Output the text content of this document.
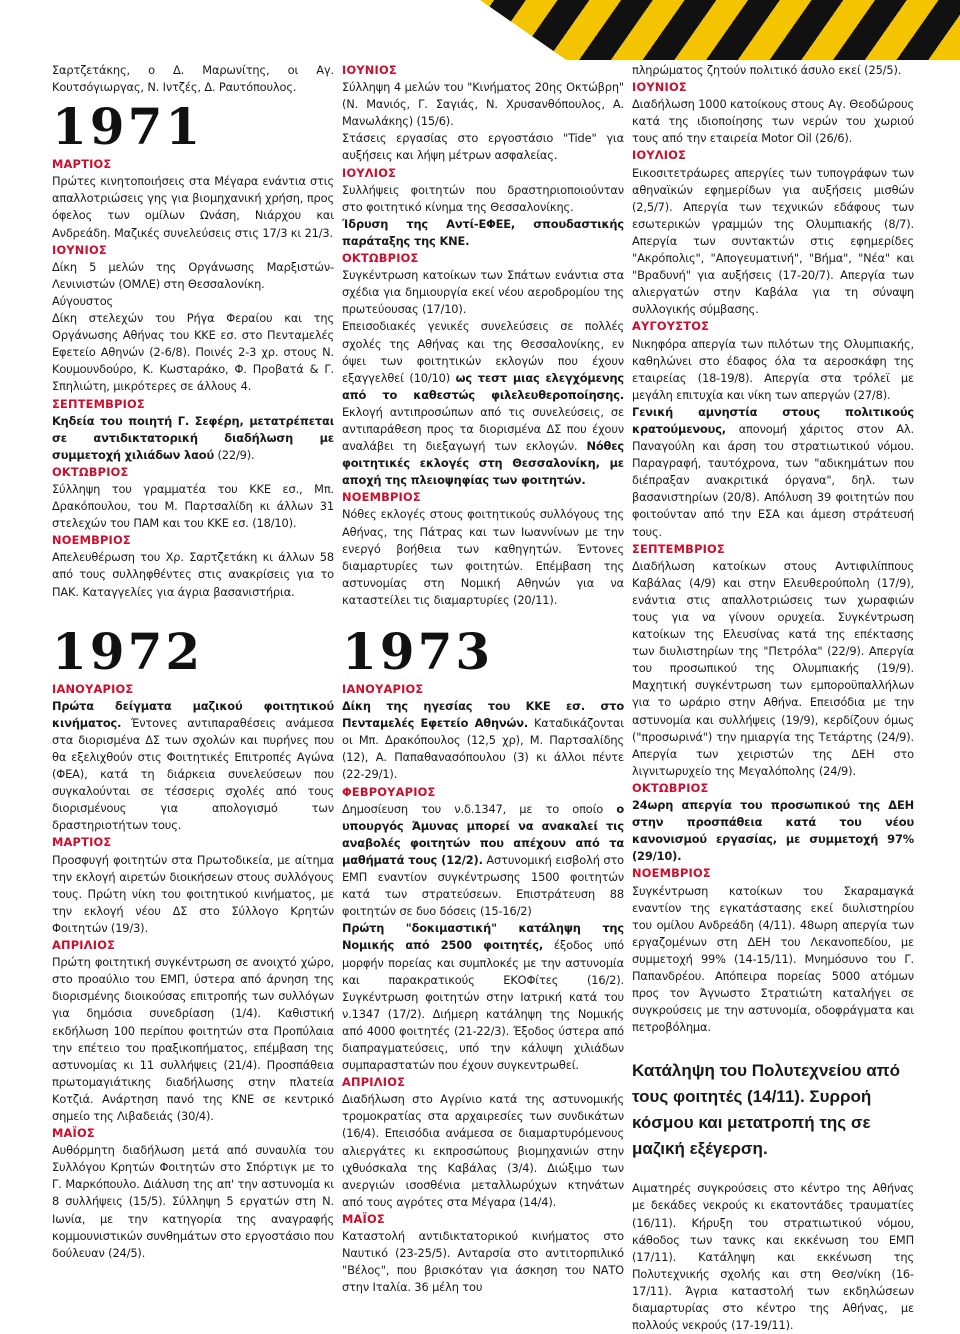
Σαρτζετάκης, ο Δ. Μαρωνίτης, οι Αγ. Κουτσόγιωργας, Ν. Ιντζές, Δ. Ραυτόπουλος.

1971

ΜΑΡΤΙΟΣ

Πρώτες κινητοποιήσεις στα Μέγαρα ενάντια στις απαλλοτριώσεις γης για βιομηχανική χρήση, προς όφελος των ομίλων Ωνάση, Νιάρχου και Ανδρεάδη. Μαζικές συνελεύσεις στις 17/3 κι 21/3.

ΙΟΥΝΙΟΣ

Δίκη 5 μελών της Οργάνωσης Μαρξιστών-Λενινιστών (ΟΜΛΕ) στη Θεσσαλονίκη.

Αύγουστος

Δίκη στελεχών του Ρήγα Φεραίου και της Οργάνωσης Αθήνας του ΚΚΕ εσ. στο Πενταμελές Εφετείο Αθηνών (2-6/8). Ποινές 2-3 χρ. στους Ν. Κουμουνδούρο, Κ. Κωσταράκο, Φ. Προβατά & Γ. Σπηλιώτη, μικρότερες σε άλλους 4.

ΣΕΠΤΕΜΒΡΙΟΣ

Κηδεία του ποιητή Γ. Σεφέρη, μετατρέπεται σε αντιδικτατορική διαδήλωση με συμμετοχή χιλιάδων λαού (22/9).

ΟΚΤΩΒΡΙΟΣ

Σύλληψη του γραμματέα του ΚΚΕ εσ., Μπ. Δρακόπουλου, του Μ. Παρτσαλίδη κι άλλων 31 στελεχών του ΠΑΜ και του ΚΚΕ εσ. (18/10).

ΝΟΕΜΒΡΙΟΣ

Απελευθέρωση του Χρ. Σαρτζετάκη κι άλλων 58 από τους συλληφθέντες στις ανακρίσεις για το ΠΑΚ. Καταγγελίες για άγρια βασανιστήρια.

1972

ΙΑΝΟΥΑΡΙΟΣ

Πρώτα δείγματα μαζικού φοιτητικού κινήματος. Έντονες αντιπαραθέσεις ανάμεσα στα διορισμένα ΔΣ των σχολών και πυρήνες που θα εξελιχθούν στις Φοιτητικές Επιτροπές Αγώνα (ΦΕΑ), κατά τη διάρκεια συνελεύσεων που συγκαλούνται σε τέσσερις σχολές από τους διορισμένους για απολογισμό των δραστηριοτήτων τους.

ΜΑΡΤΙΟΣ

Προσφυγή φοιτητών στα Πρωτοδικεία, με αίτημα την εκλογή αιρετών διοικήσεων στους συλλόγους τους. Πρώτη νίκη του φοιτητικού κινήματος, με την εκλογή νέου ΔΣ στο Σύλλογο Κρητών Φοιτητών (19/3).

ΑΠΡΙΛΙΟΣ

Πρώτη φοιτητική συγκέντρωση σε ανοιχτό χώρο, στο προαύλιο του ΕΜΠ, ύστερα από άρνηση της διορισμένης διοικούσας επιτροπής των συλλόγων για δημόσια συνεδρίαση (1/4). Καθιστική εκδήλωση 100 περίπου φοιτητών στα Προπύλαια την επέτειο του πραξικοπήματος, επέμβαση της αστυνομίας κι 11 συλλήψεις (21/4). Προσπάθεια πρωτομαγιάτικης διαδήλωσης στην πλατεία Κοτζιά. Ανάρτηση πανό της ΚΝΕ σε κεντρικό σημείο της Λιβαδειάς (30/4).

ΜΑΪΟΣ

Αυθόρμητη διαδήλωση μετά από συναυλία του Συλλόγου Κρητών Φοιτητών στο Σπόρτιγκ με το Γ. Μαρκόπουλο. Διάλυση της απ' την αστυνομία κι 8 συλλήψεις (15/5). Σύλληψη 5 εργατών στη Ν. Ιωνία, με την κατηγορία της αναγραφής κομμουνιστικών συνθημάτων στο εργοστάσιο που δούλευαν (24/5).

ΙΟΥΝΙΟΣ

Σύλληψη 4 μελών του "Κινήματος 20ης Οκτώβρη" (Ν. Μανιός, Γ. Σαγιάς, Ν. Χρυσανθόπουλος, Α. Μανωλάκης) (15/6).

Στάσεις εργασίας στο εργοστάσιο "Tide" για αυξήσεις και λήψη μέτρων ασφαλείας.

ΙΟΥΛΙΟΣ

Συλλήψεις φοιτητών που δραστηριοποιούνταν στο φοιτητικό κίνημα της Θεσσαλονίκης.

Ίδρυση της Αντί-ΕΦΕΕ, σπουδαστικής παράταξης της ΚΝΕ.

ΟΚΤΩΒΡΙΟΣ

Συγκέντρωση κατοίκων των Σπάτων ενάντια στα σχέδια για δημιουργία εκεί νέου αεροδρομίου της πρωτεύουσας (17/10).

Επεισοδιακές γενικές συνελεύσεις σε πολλές σχολές της Αθήνας και της Θεσσαλονίκης, εν όψει των φοιτητικών εκλογών που έχουν εξαγγελθεί (10/10) ως τεστ μιας ελεγχόμενης από το καθεστώς φιλελευθεροποίησης. Εκλογή αντιπροσώπων από τις συνελεύσεις, σε αντιπαράθεση προς τα διορισμένα ΔΣ που έχουν αναλάβει τη διεξαγωγή των εκλογών. Νόθες φοιτητικές εκλογές στη Θεσσαλονίκη, με αποχή της πλειοψηφίας των φοιτητών.

ΝΟΕΜΒΡΙΟΣ

Νόθες εκλογές στους φοιτητικούς συλλόγους της Αθήνας, της Πάτρας και των Ιωαννίνων με την ενεργό βοήθεια των καθηγητών. Έντονες διαμαρτυρίες των φοιτητών. Επέμβαση της αστυνομίας στη Νομική Αθηνών για να καταστείλει τις διαμαρτυρίες (20/11).

1973

ΙΑΝΟΥΑΡΙΟΣ

Δίκη της ηγεσίας του ΚΚΕ εσ. στο Πενταμελές Εφετείο Αθηνών. Καταδικάζονται οι Μπ. Δρακόπουλος (12,5 χρ), Μ. Παρτσαλίδης (12), Α. Παπαθανασόπουλου (3) κι άλλοι πέντε (22-29/1).

ΦΕΒΡΟΥΑΡΙΟΣ

Δημοσίευση του ν.δ.1347, με το οποίο ο υπουργός Άμυνας μπορεί να ανακαλεί τις αναβολές φοιτητών που απέχουν από τα μαθήματά τους (12/2). Αστυνομική εισβολή στο ΕΜΠ εναντίον συγκέντρωσης 1500 φοιτητών κατά των στρατεύσεων. Επιστράτευση 88 φοιτητών σε δυο δόσεις (15-16/2)

Πρώτη "δοκιμαστική" κατάληψη της Νομικής από 2500 φοιτητές, έξοδος υπό μορφήν πορείας και συμπλοκές με την αστυνομία και παρακρατικούς ΕΚΟΦίτες (16/2). Συγκέντρωση φοιτητών στην Ιατρική κατά του ν.1347 (17/2). Διήμερη κατάληψη της Νομικής από 4000 φοιτητές (21-22/3). Έξοδος ύστερα από διαπραγματεύσεις, υπό την κάλυψη χιλιάδων συμπαραστατών που έχουν συγκεντρωθεί.

ΑΠΡΙΛΙΟΣ

Διαδήλωση στο Αγρίνιο κατά της αστυνομικής τρομοκρατίας στα αρχαιρεσίες των συνδικάτων (16/4). Επεισόδια ανάμεσα σε διαμαρτυρόμενους αλιεργάτες κι εκπροσώπους βιομηχανιών στην ιχθυόσκαλα της Καβάλας (3/4). Διώξιμο των ανεργιών ισοσθένια μεταλλωρύχων κτηνάτων από τους αγρότες στα Μέγαρα (14/4).

ΜΑΪΟΣ

Καταστολή αντιδικτατορικού κινήματος στο Ναυτικό (23-25/5). Ανταρσία στο αντιτορπιλικό "Βέλος", που βρισκόταν για άσκηση του ΝΑΤΟ στην Ιταλία. 36 μέλη του

πληρώματος ζητούν πολιτικό άσυλο εκεί (25/5).

ΙΟΥΝΙΟΣ

Διαδήλωση 1000 κατοίκους στους Αγ. Θεοδώρους κατά της ιδιοποίησης των νερών του χωριού τους από την εταιρεία Motor Oil (26/6).

ΙΟΥΛΙΟΣ

Εικοσιτετράωρες απεργίες των τυπογράφων των αθηναϊκών εφημερίδων για αυξήσεις μισθών (2,5/7). Απεργία των τεχνικών εδάφους των εσωτερικών γραμμών της Ολυμπιακής (8/7). Απεργία των συντακτών στις εφημερίδες "Ακρόπολις", "Απογευματινή", "Βήμα", "Νέα" και "Βραδυνή" για αυξήσεις (17-20/7). Απεργία των αλιεργατών στην Καβάλα για τη σύναψη συλλογικής σύμβασης.

ΑΥΓΟΥΣΤΟΣ

Νικηφόρα απεργία των πιλότων της Ολυμπιακής, καθηλώνει στο έδαφος όλα τα αεροσκάφη της εταιρείας (18-19/8). Απεργία στα τρόλεϊ με μεγάλη επιτυχία και νίκη των απεργών (27/8).

Γενική αμνηστία στους πολιτικούς κρατούμενους, απονομή χάριτος στον Αλ. Παναγούλη και άρση του στρατιωτικού νόμου. Παραγραφή, ταυτόχρονα, των "αδικημάτων που διέπραξαν ανακριτικά όργανα", δηλ. των βασανιστηρίων (20/8). Απόλυση 39 φοιτητών που φοιτούνταν από την ΕΣΑ και άμεση στράτευσή τους.

ΣΕΠΤΕΜΒΡΙΟΣ

Διαδήλωση κατοίκων στους Αντιφιλίππους Καβάλας (4/9) και στην Ελευθερούπολη (17/9), ενάντια στις απαλλοτριώσεις των χωραφιών τους για να γίνουν ορυχεία. Συγκέντρωση κατοίκων της Ελευσίνας κατά της επέκτασης των διυλιστηρίων της "Πετρόλα" (22/9). Απεργία του προσωπικού της Ολυμπιακής (19/9). Μαχητική συγκέντρωση των εμποροϋπαλλήλων για το ωράριο στην Αθήνα. Επεισόδια με την αστυνομία και συλλήψεις (19/9), κερδίζουν όμως ("προσωρινά") την ημιαργία της Τετάρτης (24/9). Απεργία των χειριστών της ΔΕΗ στο λιγνιτωρυχείο της Μεγαλόπολης (24/9).

ΟΚΤΩΒΡΙΟΣ

24ωρη απεργία του προσωπικού της ΔΕΗ στην προσπάθεια κατά του νέου κανονισμού εργασίας, με συμμετοχή 97% (29/10).

ΝΟΕΜΒΡΙΟΣ

Συγκέντρωση κατοίκων του Σκαραμαγκά εναντίον της εγκατάστασης εκεί διυλιστηρίου του ομίλου Ανδρεάδη (4/11). 48ωρη απεργία των εργαζομένων στη ΔΕΗ του Λεκανοπεδίου, με συμμετοχή 99% (14-15/11). Μνημόσυνο του Γ. Παπανδρέου. Απόπειρα πορείας 5000 ατόμων προς τον Άγνωστο Στρατιώτη καταλήγει σε συγκρούσεις με την αστυνομία, οδοφράγματα και πετροβόλημα.

Κατάληψη του Πολυτεχνείου από τους φοιτητές (14/11). Συρροή κόσμου και μετατροπή της σε μαζική εξέγερση.

Αιματηρές συγκρούσεις στο κέντρο της Αθήνας με δεκάδες νεκρούς κι εκατοντάδες τραυματίες (16/11). Κήρυξη του στρατιωτικού νόμου, κάθοδος των τανκς και εκκένωση του ΕΜΠ (17/11). Κατάληψη και εκκένωση της Πολυτεχνικής σχολής και στη Θεσ/νίκη (16-17/11). Άγρια καταστολή των εκδηλώσεων διαμαρτυρίας στο κέντρο της Αθήνας, με πολλούς νεκρούς (17-19/11).
